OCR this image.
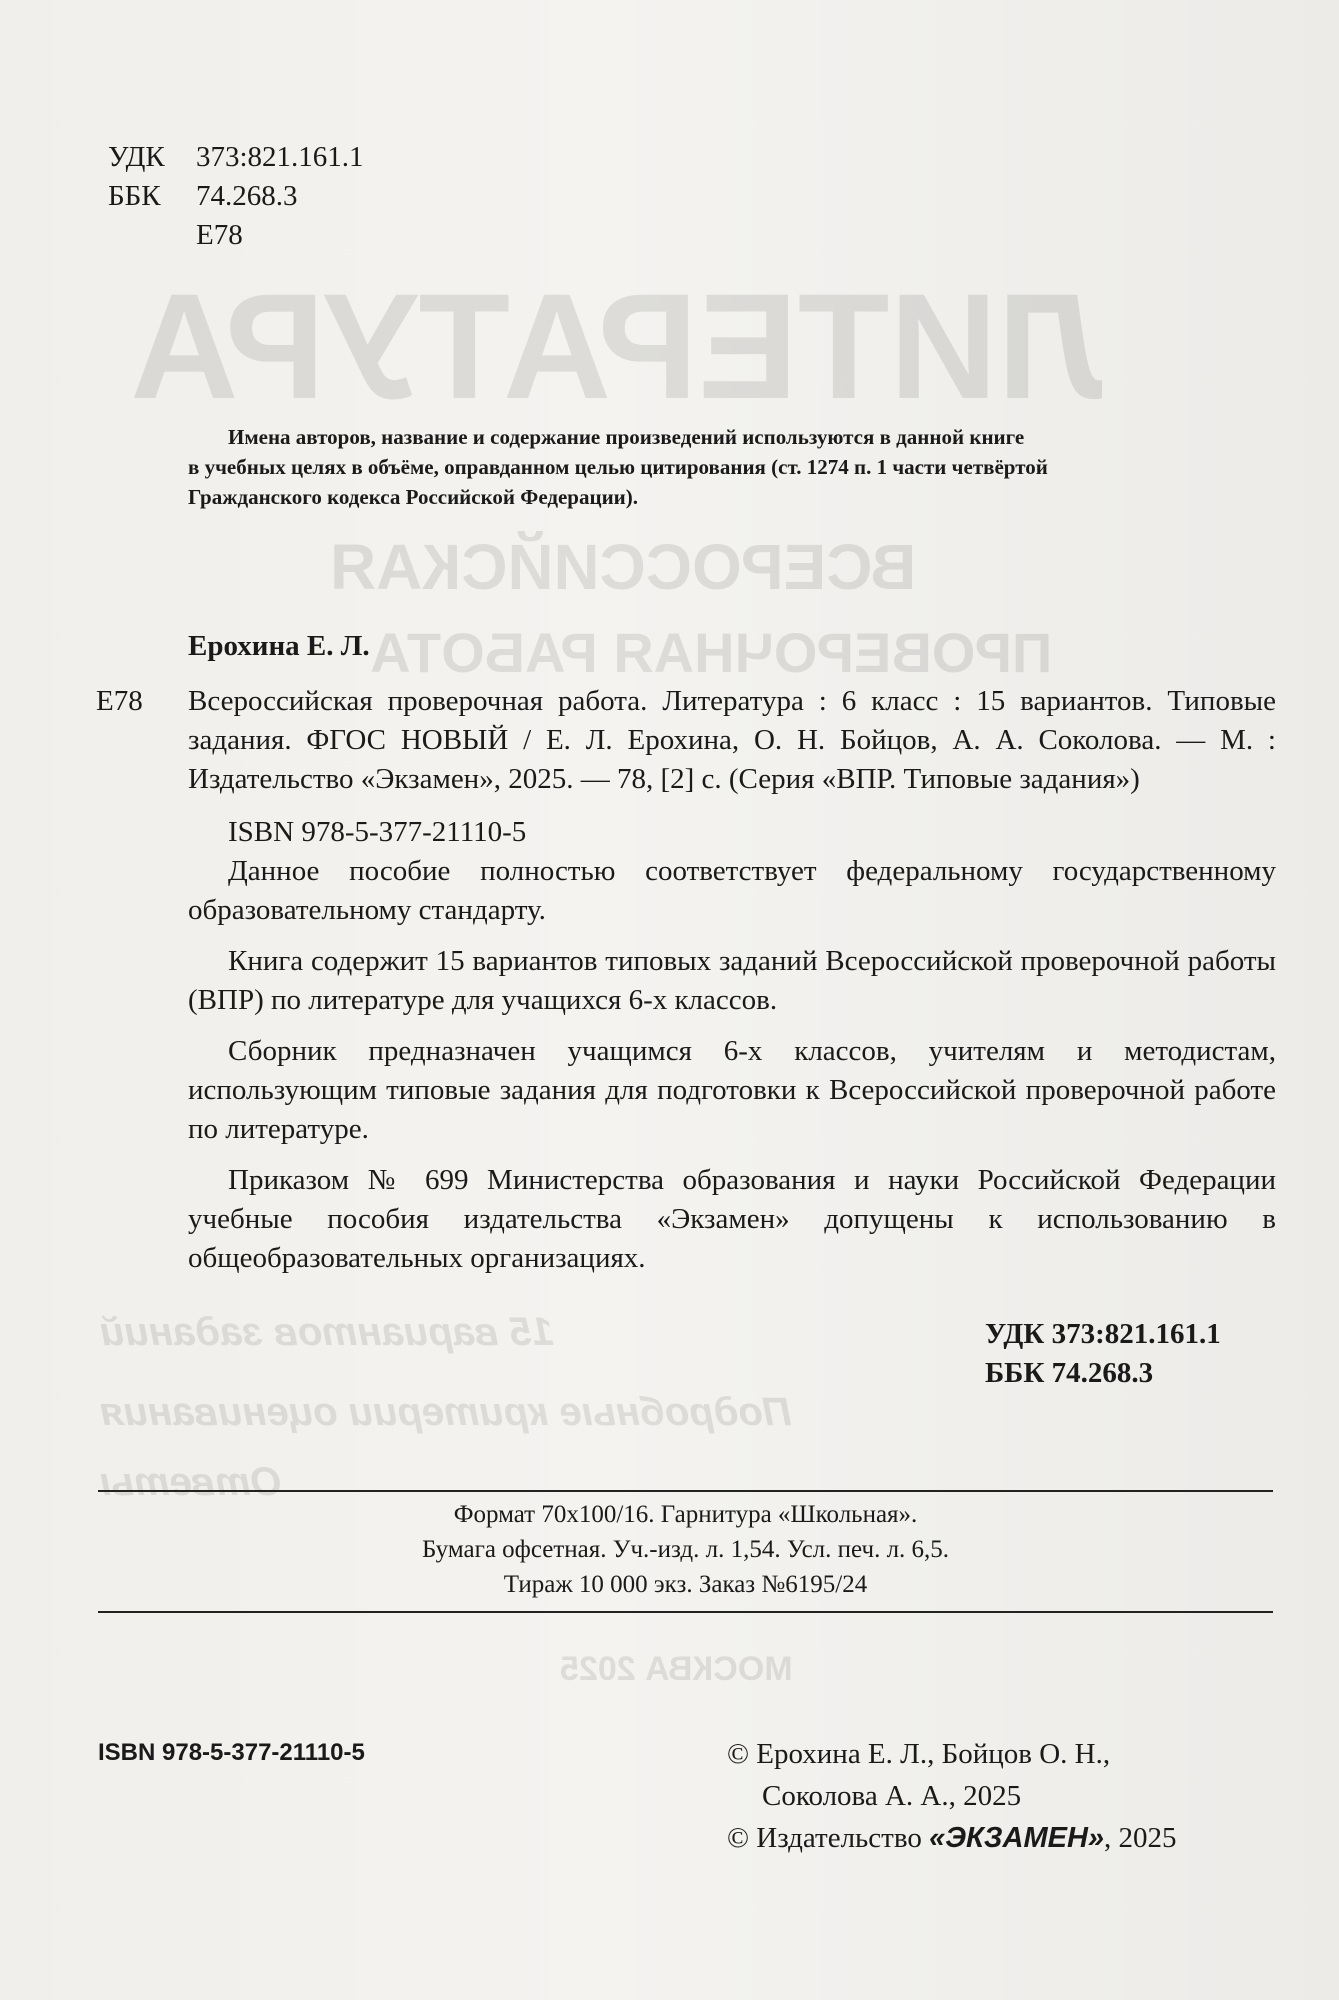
ЛИТЕРАТУРА
ВСЕРОССИЙСКАЯ
ПРОВЕРОЧНАЯ РАБОТА
15 вариантов заданий
Подробные критерии оценивания
Ответы
МОСКВА 2025
УДК 373:821.161.1
ББК 74.268.3
Е78
Имена авторов, название и содержание произведений используются в данной книге
в учебных целях в объёме, оправданном целью цитирования (ст. 1274 п. 1 части четвёртой
Гражданского кодекса Российской Федерации).
Ерохина Е. Л.
Е78 Всероссийская проверочная работа. Литература : 6 класс : 15 вариантов. Типовые задания. ФГОС НОВЫЙ / Е. Л. Ерохина, О. Н. Бойцов, А. А. Соколова. — М. : Издательство «Экзамен», 2025. — 78, [2] с. (Серия «ВПР. Типовые задания»)

ISBN 978-5-377-21110-5

Данное пособие полностью соответствует федеральному государственному образовательному стандарту.

Книга содержит 15 вариантов типовых заданий Всероссийской проверочной работы (ВПР) по литературе для учащихся 6-х классов.

Сборник предназначен учащимся 6-х классов, учителям и методистам, использующим типовые задания для подготовки к Всероссийской проверочной работе по литературе.

Приказом № 699 Министерства образования и науки Российской Федерации учебные пособия издательства «Экзамен» допущены к использованию в общеобразовательных организациях.

УДК 373:821.161.1
ББК 74.268.3
Формат 70х100/16. Гарнитура «Школьная».
Бумага офсетная. Уч.-изд. л. 1,54. Усл. печ. л. 6,5.
Тираж 10 000 экз. Заказ №6195/24
ISBN 978-5-377-21110-5	© Ерохина Е. Л., Бойцов О. Н.,
Соколова А. А., 2025
© Издательство «ЭКЗАМЕН», 2025
